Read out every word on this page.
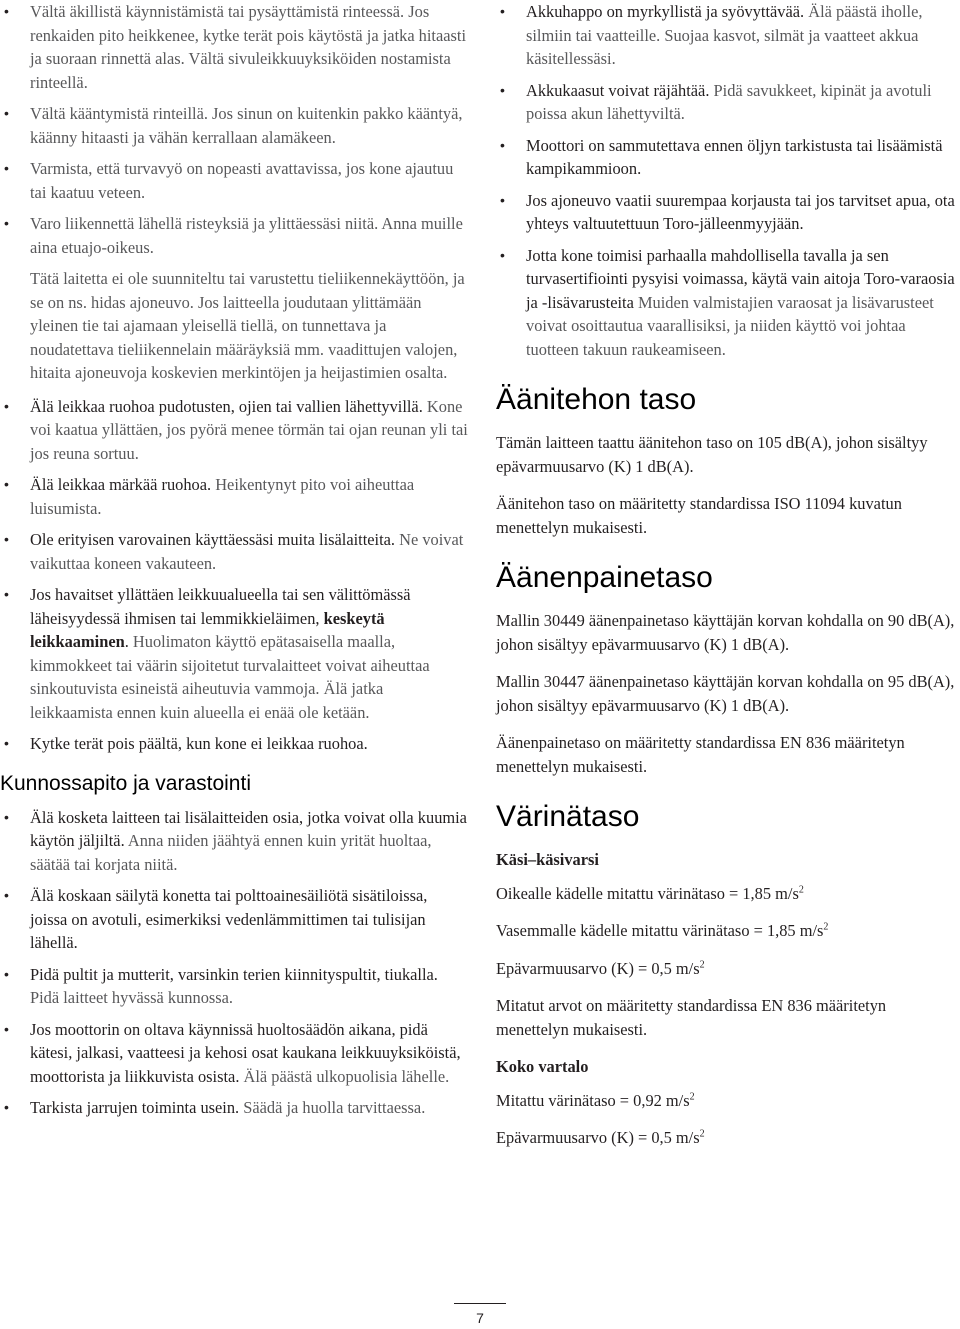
• Vältä äkillistä käynnistämistä tai pysäyttämistä rinteessä. Jos renkaiden pito heikkenee, kytke terät pois käytöstä ja jatka hitaasti ja suoraan rinnettä alas. Vältä sivuleikkuuyksiköiden nostamista rinteellä.
• Vältä kääntymistä rinteillä. Jos sinun on kuitenkin pakko kääntyä, käänny hitaasti ja vähän kerrallaan alamäkeen.
• Varmista, että turvavyö on nopeasti avattavissa, jos kone ajautuu tai kaatuu veteen.
• Varo liikennettä lähellä risteyksiä ja ylittäessäsi niitä. Anna muille aina etuajo-oikeus.

Tätä laitetta ei ole suunniteltu tai varustettu tieliikennekäyttöön, ja se on ns. hidas ajoneuvo. Jos laitteella joudutaan ylittämään yleinen tie tai ajamaan yleisellä tiellä, on tunnettava ja noudatettava tieliikennelain määräyksiä mm. vaadittujen valojen, hitaita ajoneuvoja koskevien merkintöjen ja heijastimien osalta.

• Älä leikkaa ruohoa pudotusten, ojien tai vallien lähettyvillä. Kone voi kaatua yllättäen, jos pyörä menee törmän tai ojan reunan yli tai jos reuna sortuu.
• Älä leikkaa märkää ruohoa. Heikentynyt pito voi aiheuttaa luisumista.
• Ole erityisen varovainen käyttäessäsi muita lisälaitteita. Ne voivat vaikuttaa koneen vakauteen.
• Jos havaitset yllättäen leikkuualueella tai sen välittömässä läheisyydessä ihmisen tai lemmikkieläimen, keskeytä leikkaaminen. Huolimaton käyttö epätasaisella maalla, kimmokkeet tai väärin sijoitetut turvalaitteet voivat aiheuttaa sinkoutuvista esineistä aiheutuvia vammoja. Älä jatka leikkaamista ennen kuin alueella ei enää ole ketään.
• Kytke terät pois päältä, kun kone ei leikkaa ruohoa.
Kunnossapito ja varastointi
• Älä kosketa laitteen tai lisälaitteiden osia, jotka voivat olla kuumia käytön jäljiltä. Anna niiden jäähtyä ennen kuin yrität huoltaa, säätää tai korjata niitä.
• Älä koskaan säilytä konetta tai polttoainesäiliötä sisätiloissa, joissa on avotuli, esimerkiksi vedenlämmittimen tai tulisijan lähellä.
• Pidä pultit ja mutterit, varsinkin terien kiinnityspultit, tiukalla. Pidä laitteet hyvässä kunnossa.
• Jos moottorin on oltava käynnissä huoltosäädön aikana, pidä kätesi, jalkasi, vaatteesi ja kehosi osat kaukana leikkuuyksiköistä, moottorista ja liikkuvista osista. Älä päästä ulkopuolisia lähelle.
• Tarkista jarrujen toiminta usein. Säädä ja huolla tarvittaessa.
• Akkuhappo on myrkyllistä ja syövyttävää. Älä päästä iholle, silmiin tai vaatteille. Suojaa kasvot, silmät ja vaatteet akkua käsitellessäsi.
• Akkukaasut voivat räjähtää. Pidä savukkeet, kipinät ja avotuli poissa akun lähettyviltä.
• Moottori on sammutettava ennen öljyn tarkistusta tai lisäämistä kampikammioon.
• Jos ajoneuvo vaatii suurempaa korjausta tai jos tarvitset apua, ota yhteys valtuutettuun Toro-jälleenmyyjään.
• Jotta kone toimisi parhaalla mahdollisella tavalla ja sen turvasertifiointi pysyisi voimassa, käytä vain aitoja Toro-varaosia ja -lisävarusteita Muiden valmistajien varaosat ja lisävarusteet voivat osoittautua vaarallisiksi, ja niiden käyttö voi johtaa tuotteen takuun raukeamiseen.
Äänitehon taso

Tämän laitteen taattu äänitehon taso on 105 dB(A), johon sisältyy epävarmuusarvo (K) 1 dB(A).

Äänitehon taso on määritetty standardissa ISO 11094 kuvatun menettelyn mukaisesti.

Äänenpainetaso

Mallin 30449 äänenpainetaso käyttäjän korvan kohdalla on 90 dB(A), johon sisältyy epävarmuusarvo (K) 1 dB(A).

Mallin 30447 äänenpainetaso käyttäjän korvan kohdalla on 95 dB(A), johon sisältyy epävarmuusarvo (K) 1 dB(A).

Äänenpainetaso on määritetty standardissa EN 836 määritetyn menettelyn mukaisesti.

Värinätaso
Käsi–käsivarsi

Oikealle kädelle mitattu värinätaso = 1,85 $m/s^2$

Vasemmalle kädelle mitattu värinätaso = 1,85 $m/s^2$

Epävarmuusarvo (K) = 0,5 $m/s^2$

Mitatut arvot on määritetty standardissa EN 836 määritetyn menettelyn mukaisesti.

Koko vartalo

Mitattu värinätaso = 0,92 $m/s^2$

Epävarmuusarvo (K) = 0,5 $m/s^2$

7
